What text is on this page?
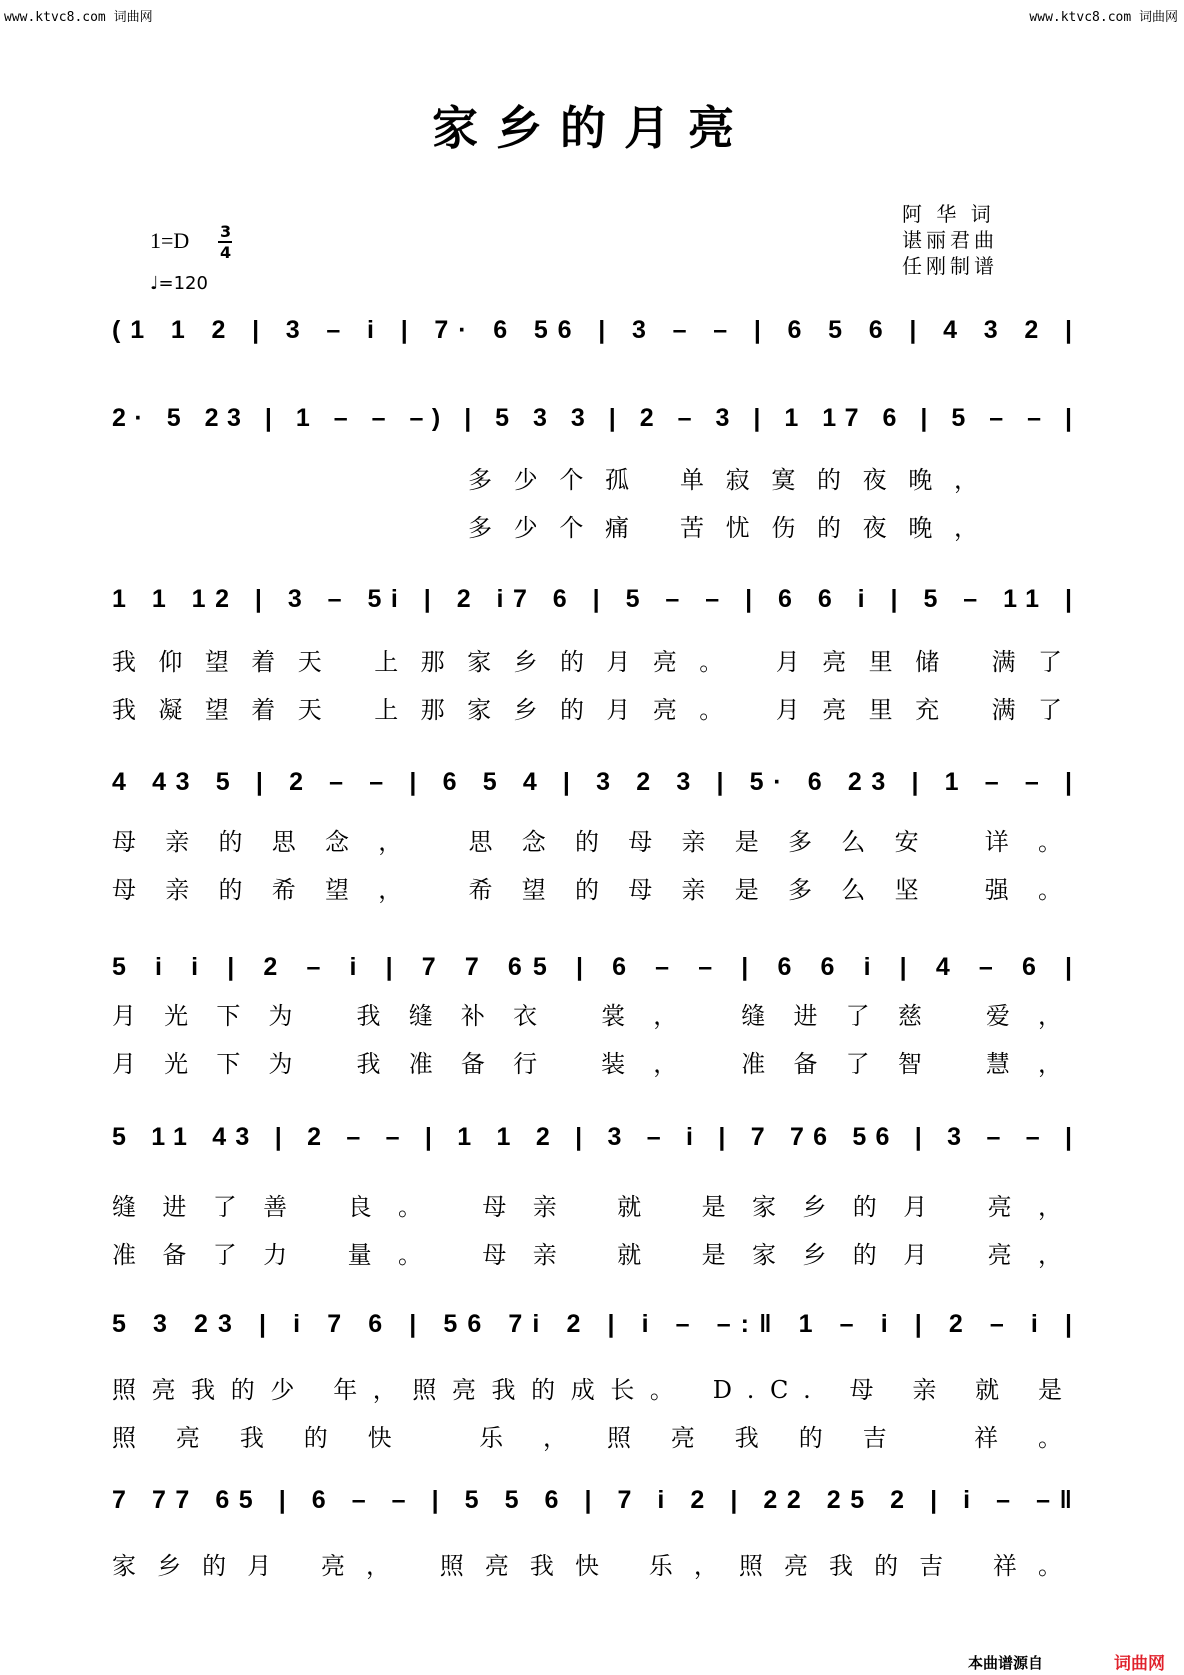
www.ktvc8.com 词曲网	www.ktvc8.com 词曲网
家乡的月亮
阿 华 词
谌丽君曲
任刚制谱
1=D 3
4
♩=120
(1 1 2 | 3 – i | 7· 6 56 | 3 – – | 6 5 6 | 4 3 2 |
2· 5 23 | 1 – – –) | 5 3 3 | 2 – 3 | 1 17 6 | 5 – – |
多少个孤 单寂寞的夜晚，
多少个痛 苦忧伤的夜晚，
1 1 12 | 3 – 5i | 2 i7 6 | 5 – – | 6 6 i | 5 – 11 |
我仰望着天 上那家乡的月亮。 月亮里储 满了
我凝望着天 上那家乡的月亮。 月亮里充 满了
4 43 5 | 2 – – | 6 5 4 | 3 2 3 | 5· 6 23 | 1 – – |
母亲的思念， 思念的母亲是多么安 详。
母亲的希望， 希望的母亲是多么坚 强。
5 i i | 2 – i | 7 7 65 | 6 – – | 6 6 i | 4 – 6 |
月光下为 我缝补衣 裳， 缝进了慈 爱，
月光下为 我准备行 装， 准备了智 慧，
5 11 43 | 2 – – | 1 1 2 | 3 – i | 7 76 56 | 3 – – |
缝进了善 良。 母亲 就 是家乡的月 亮，
准备了力 量。 母亲 就 是家乡的月 亮，
5 3 23 | i 7 6 | 56 7i 2 | i – –:‖ 1 – i | 2 – i |
照亮我的少 年，照亮我的成长。 D.C. 母 亲 就 是
照亮我的快 乐，照亮我的吉 祥。
7 77 65 | 6 – – | 5 5 6 | 7 i 2 | 22 25 2 | i – –‖
家乡的月 亮， 照亮我快 乐，照亮我的吉 祥。
本曲谱源自	词曲网
